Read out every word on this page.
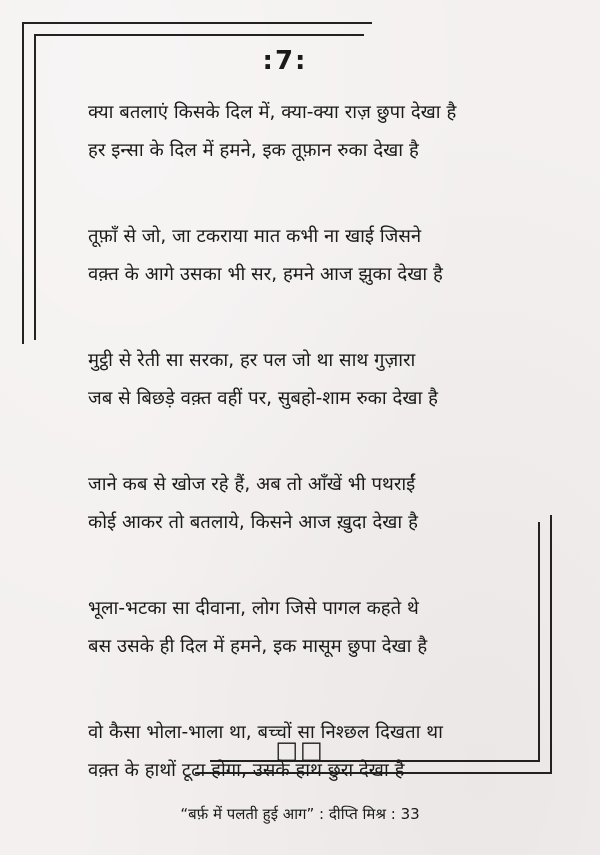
:7:
क्या बतलाएं किसके दिल में, क्या-क्या राज़ छुपा देखा है
हर इन्सा के दिल में हमने, इक तूफ़ान रुका देखा है
तूफ़ाँ से जो, जा टकराया मात कभी ना खाई जिसने
वक़्त के आगे उसका भी सर, हमने आज झुका देखा है
मुट्ठी से रेती सा सरका, हर पल जो था साथ गुज़ारा
जब से बिछड़े वक़्त वहीं पर, सुबहो-शाम रुका देखा है
जाने कब से खोज रहे हैं, अब तो आँखें भी पथराईं
कोई आकर तो बतलाये, किसने आज ख़ुदा देखा है
भूला-भटका सा दीवाना, लोग जिसे पागल कहते थे
बस उसके ही दिल में हमने, इक मासूम छुपा देखा है
वो कैसा भोला-भाला था, बच्चों सा निश्छल दिखता था
वक़्त के हाथों टूटा होगा, उसके हाथ छुरा देखा है
□□
“बर्फ़ में पलती हुई आग” : दीप्ति मिश्र : 33
